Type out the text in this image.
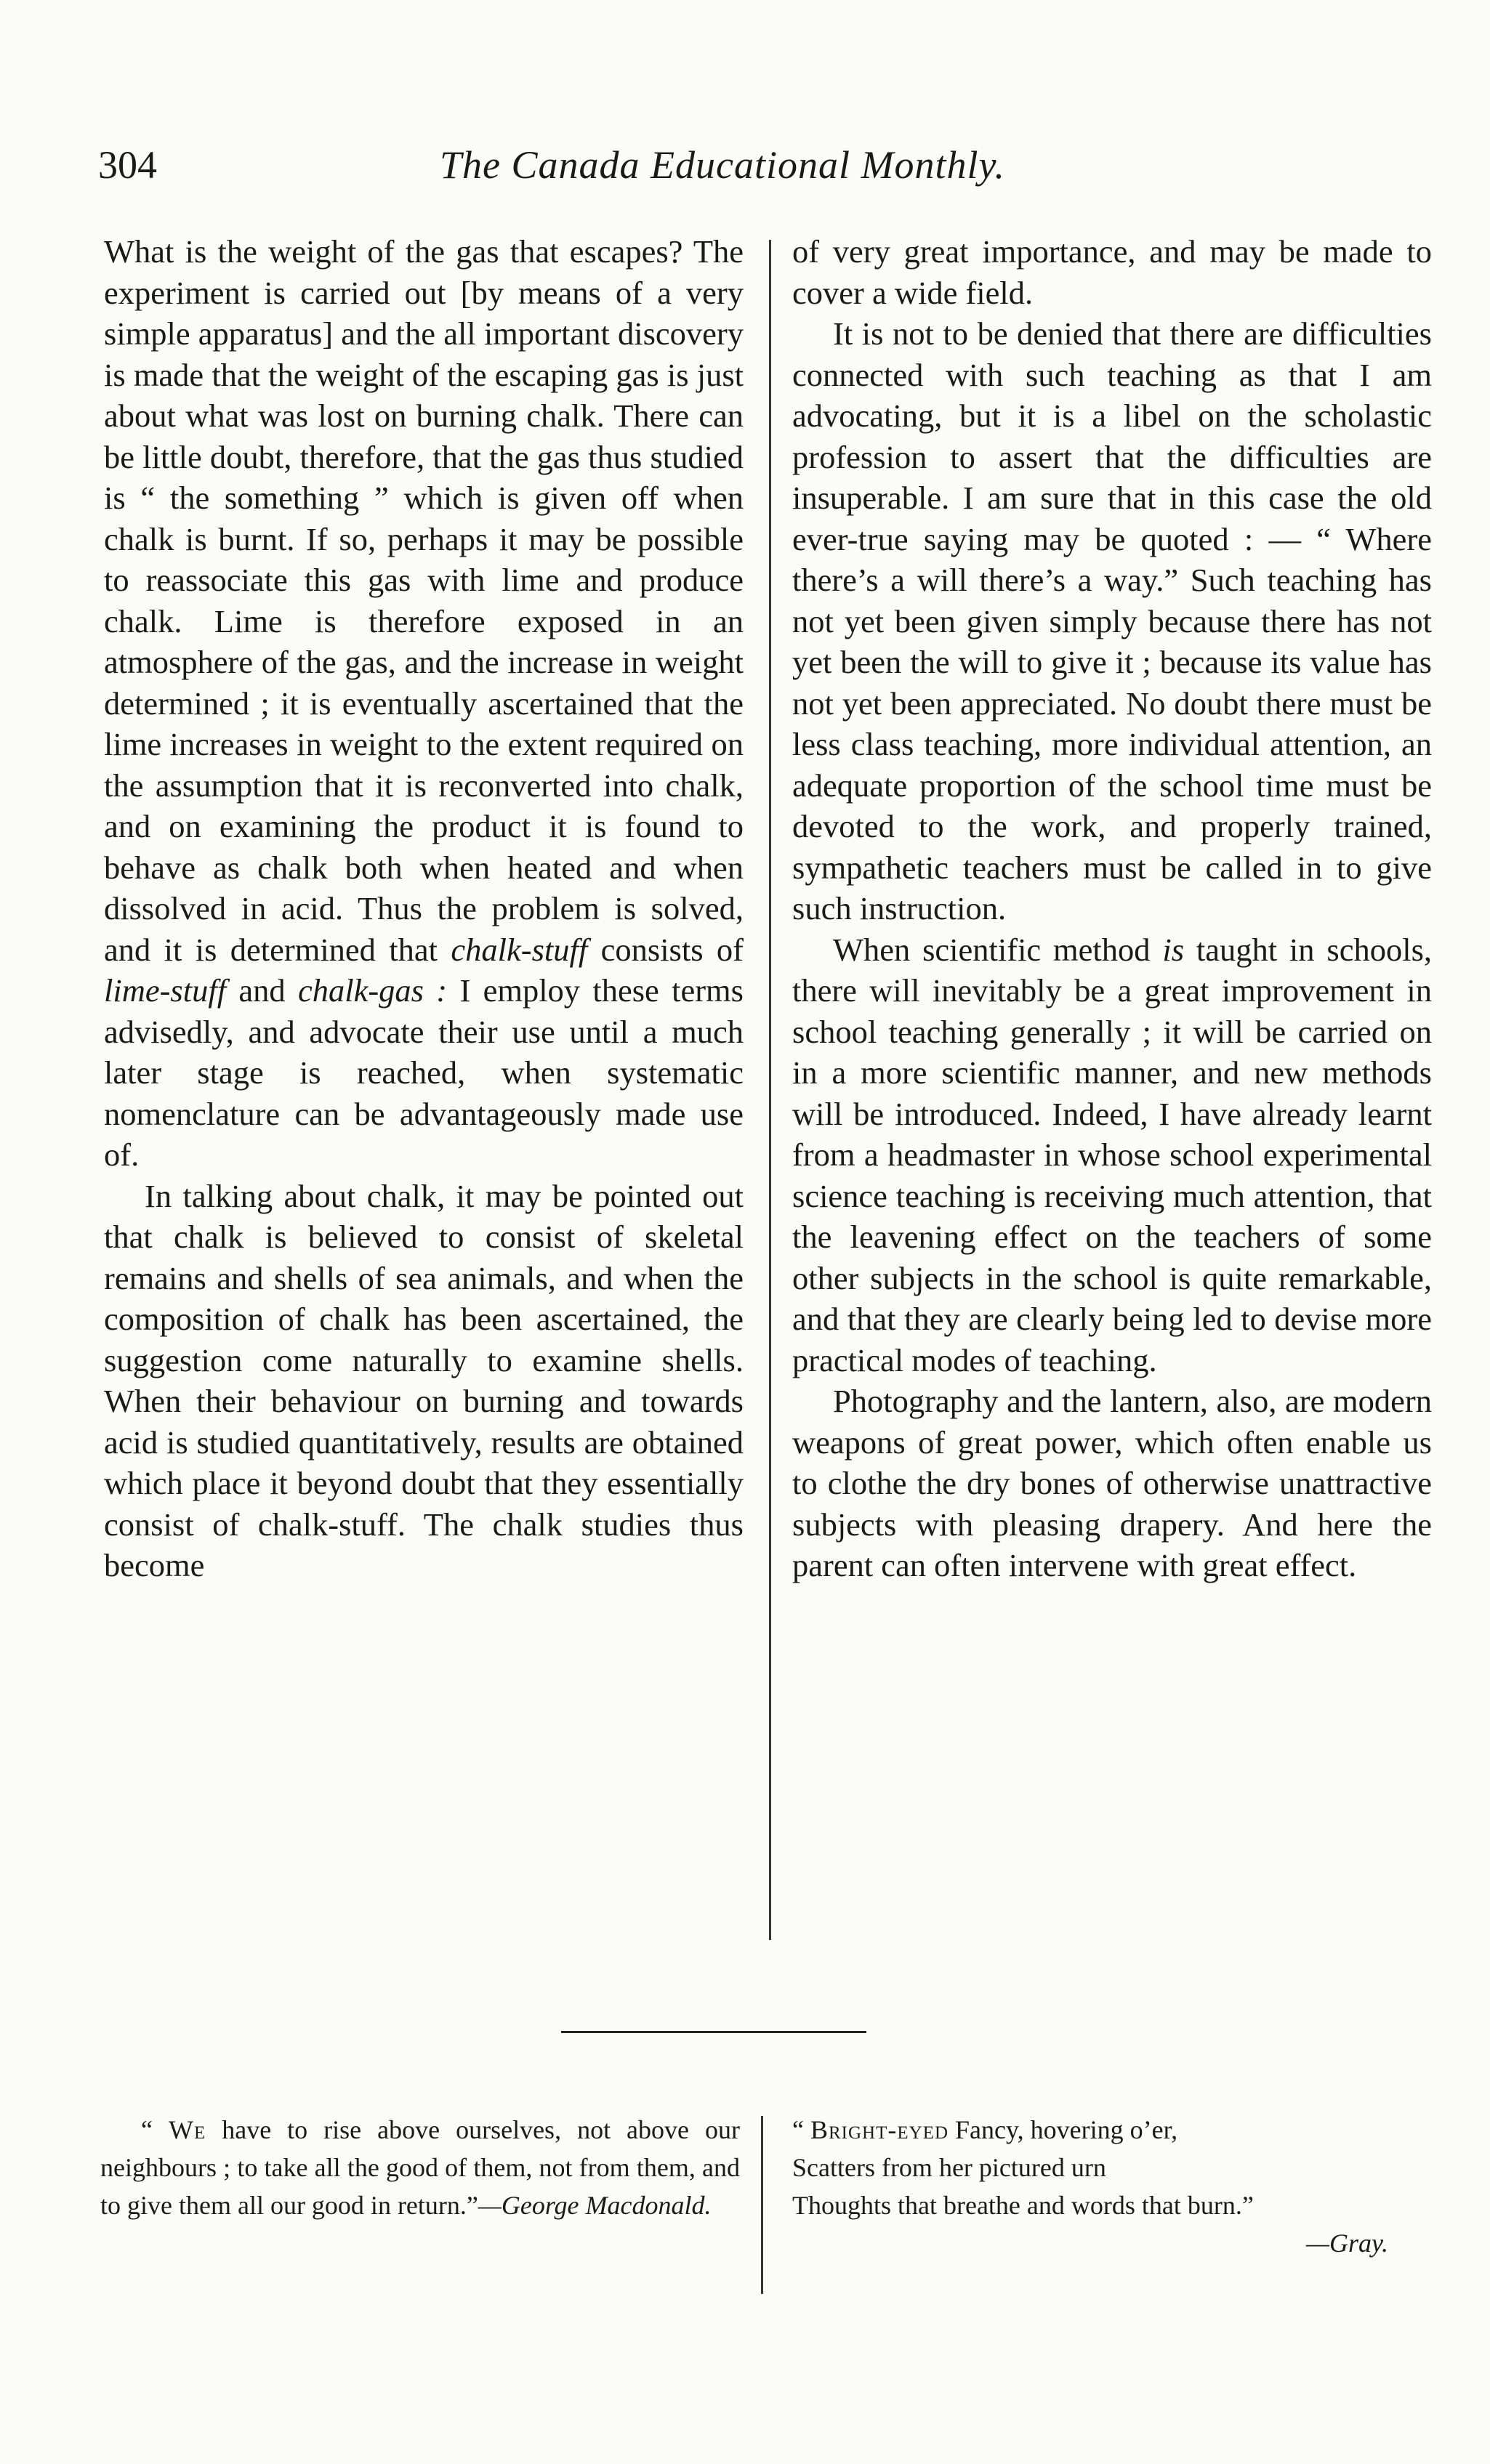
304	The Canada Educational Monthly.

What is the weight of the gas that escapes? The experiment is carried out [by means of a very simple apparatus] and the all important discovery is made that the weight of the escaping gas is just about what was lost on burning chalk. There can be little doubt, therefore, that the gas thus studied is “ the something ” which is given off when chalk is burnt. If so, perhaps it may be possible to reassociate this gas with lime and produce chalk. Lime is therefore exposed in an atmosphere of the gas, and the increase in weight determined ; it is eventually ascertained that the lime increases in weight to the extent required on the assumption that it is reconverted into chalk, and on examining the product it is found to behave as chalk both when heated and when dissolved in acid. Thus the problem is solved, and it is determined that chalk-stuff consists of lime-stuff and chalk-gas : I employ these terms advisedly, and advocate their use until a much later stage is reached, when systematic nomenclature can be advantageously made use of.

In talking about chalk, it may be pointed out that chalk is believed to consist of skeletal remains and shells of sea animals, and when the composition of chalk has been ascertained, the suggestion come naturally to examine shells. When their behaviour on burning and towards acid is studied quantitatively, results are obtained which place it beyond doubt that they essentially consist of chalk-stuff. The chalk studies thus become

of very great importance, and may be made to cover a wide field.

It is not to be denied that there are difficulties connected with such teaching as that I am advocating, but it is a libel on the scholastic profession to assert that the difficulties are insuperable. I am sure that in this case the old ever-true saying may be quoted : — “ Where there’s a will there’s a way.” Such teaching has not yet been given simply because there has not yet been the will to give it ; because its value has not yet been appreciated. No doubt there must be less class teaching, more individual attention, an adequate proportion of the school time must be devoted to the work, and properly trained, sympathetic teachers must be called in to give such instruction.

When scientific method is taught in schools, there will inevitably be a great improvement in school teaching generally ; it will be carried on in a more scientific manner, and new methods will be introduced. Indeed, I have already learnt from a headmaster in whose school experimental science teaching is receiving much attention, that the leavening effect on the teachers of some other subjects in the school is quite remarkable, and that they are clearly being led to devise more practical modes of teaching.

Photography and the lantern, also, are modern weapons of great power, which often enable us to clothe the dry bones of otherwise unattractive subjects with pleasing drapery. And here the parent can often intervene with great effect.

“ We have to rise above ourselves, not above our neighbours ; to take all the good of them, not from them, and to give them all our good in return.”—George Macdonald.

“ Bright-eyed Fancy, hovering o’er,
Scatters from her pictured urn
Thoughts that breathe and words that burn.”
—Gray.
